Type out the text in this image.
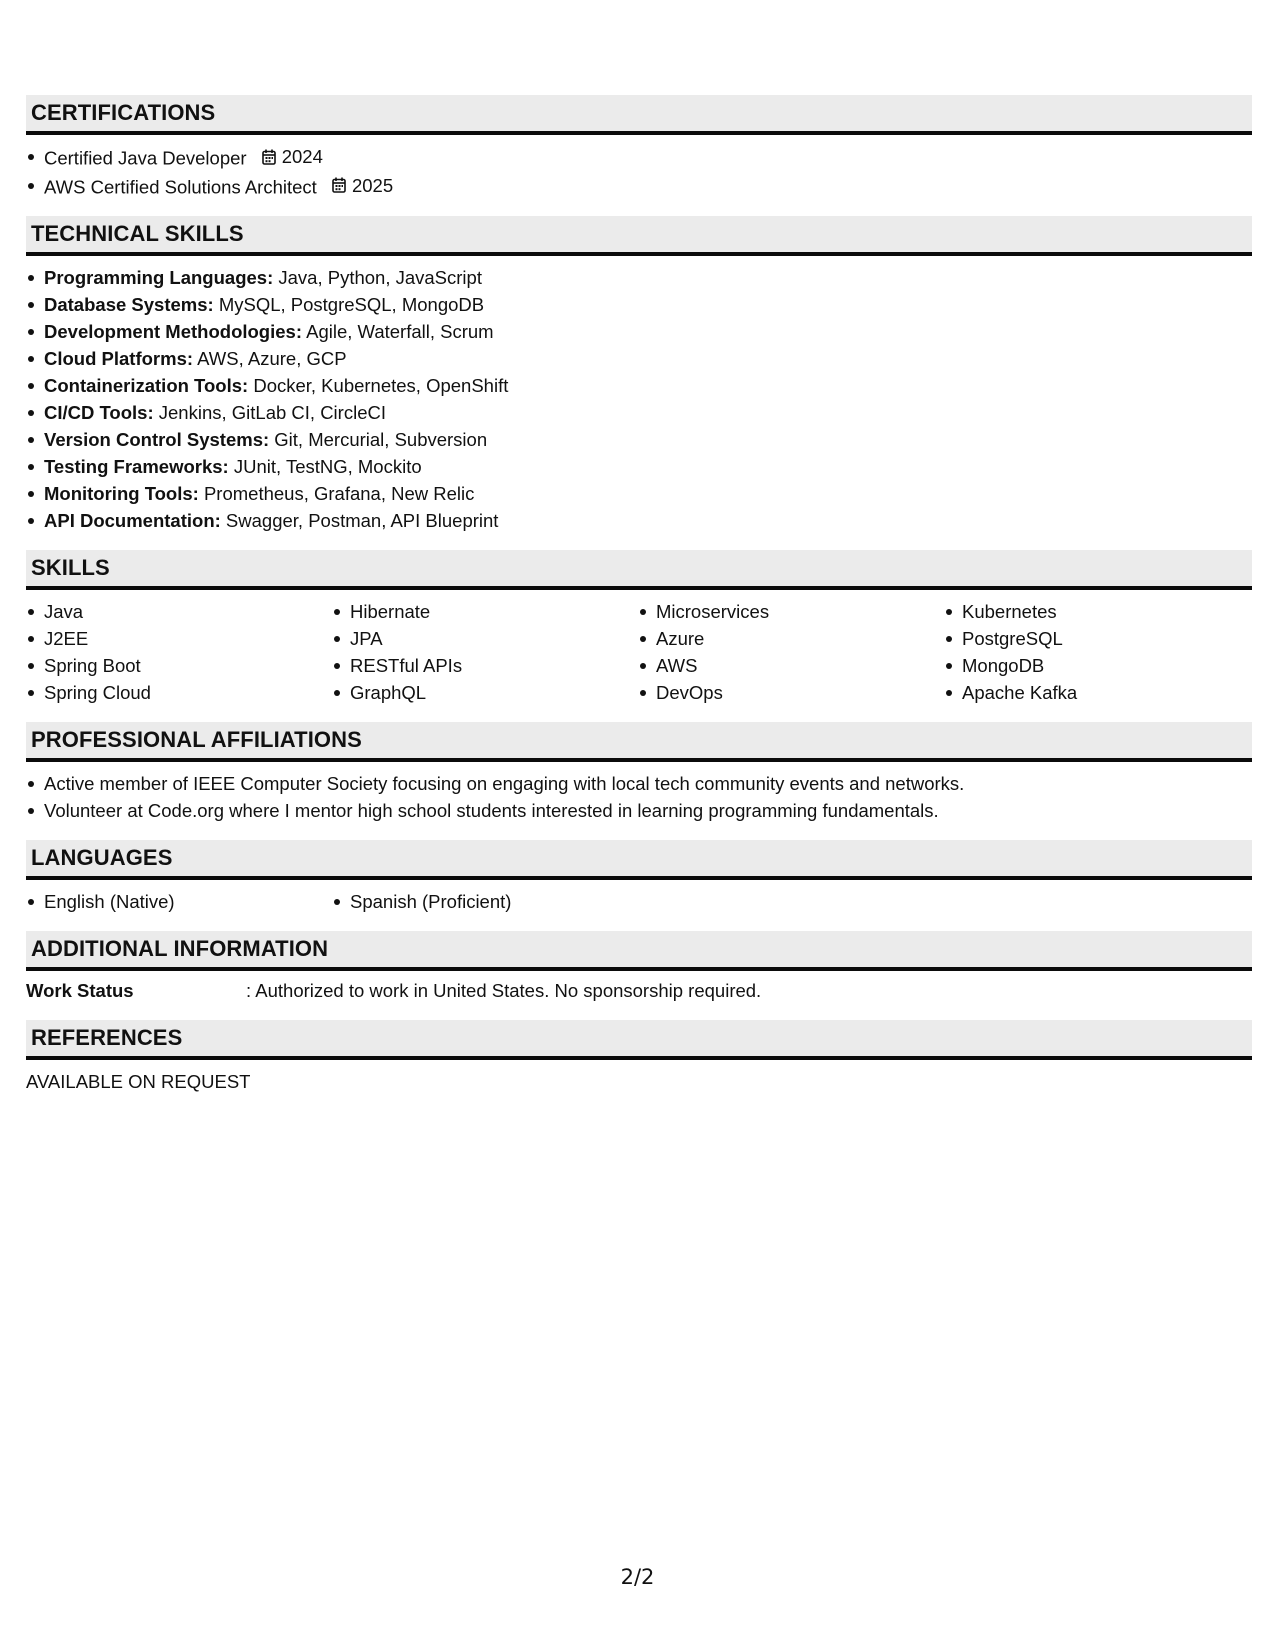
CERTIFICATIONS
Certified Java Developer 2024
AWS Certified Solutions Architect 2025
TECHNICAL SKILLS
Programming Languages: Java, Python, JavaScript
Database Systems: MySQL, PostgreSQL, MongoDB
Development Methodologies: Agile, Waterfall, Scrum
Cloud Platforms: AWS, Azure, GCP
Containerization Tools: Docker, Kubernetes, OpenShift
CI/CD Tools: Jenkins, GitLab CI, CircleCI
Version Control Systems: Git, Mercurial, Subversion
Testing Frameworks: JUnit, TestNG, Mockito
Monitoring Tools: Prometheus, Grafana, New Relic
API Documentation: Swagger, Postman, API Blueprint
SKILLS
Java
J2EE
Spring Boot
Spring Cloud
Hibernate
JPA
RESTful APIs
GraphQL
Microservices
Azure
AWS
DevOps
Kubernetes
PostgreSQL
MongoDB
Apache Kafka
PROFESSIONAL AFFILIATIONS
Active member of IEEE Computer Society focusing on engaging with local tech community events and networks.
Volunteer at Code.org where I mentor high school students interested in learning programming fundamentals.
LANGUAGES
English (Native)	Spanish (Proficient)
ADDITIONAL INFORMATION
Work Status	: Authorized to work in United States. No sponsorship required.
REFERENCES
AVAILABLE ON REQUEST
2/2
